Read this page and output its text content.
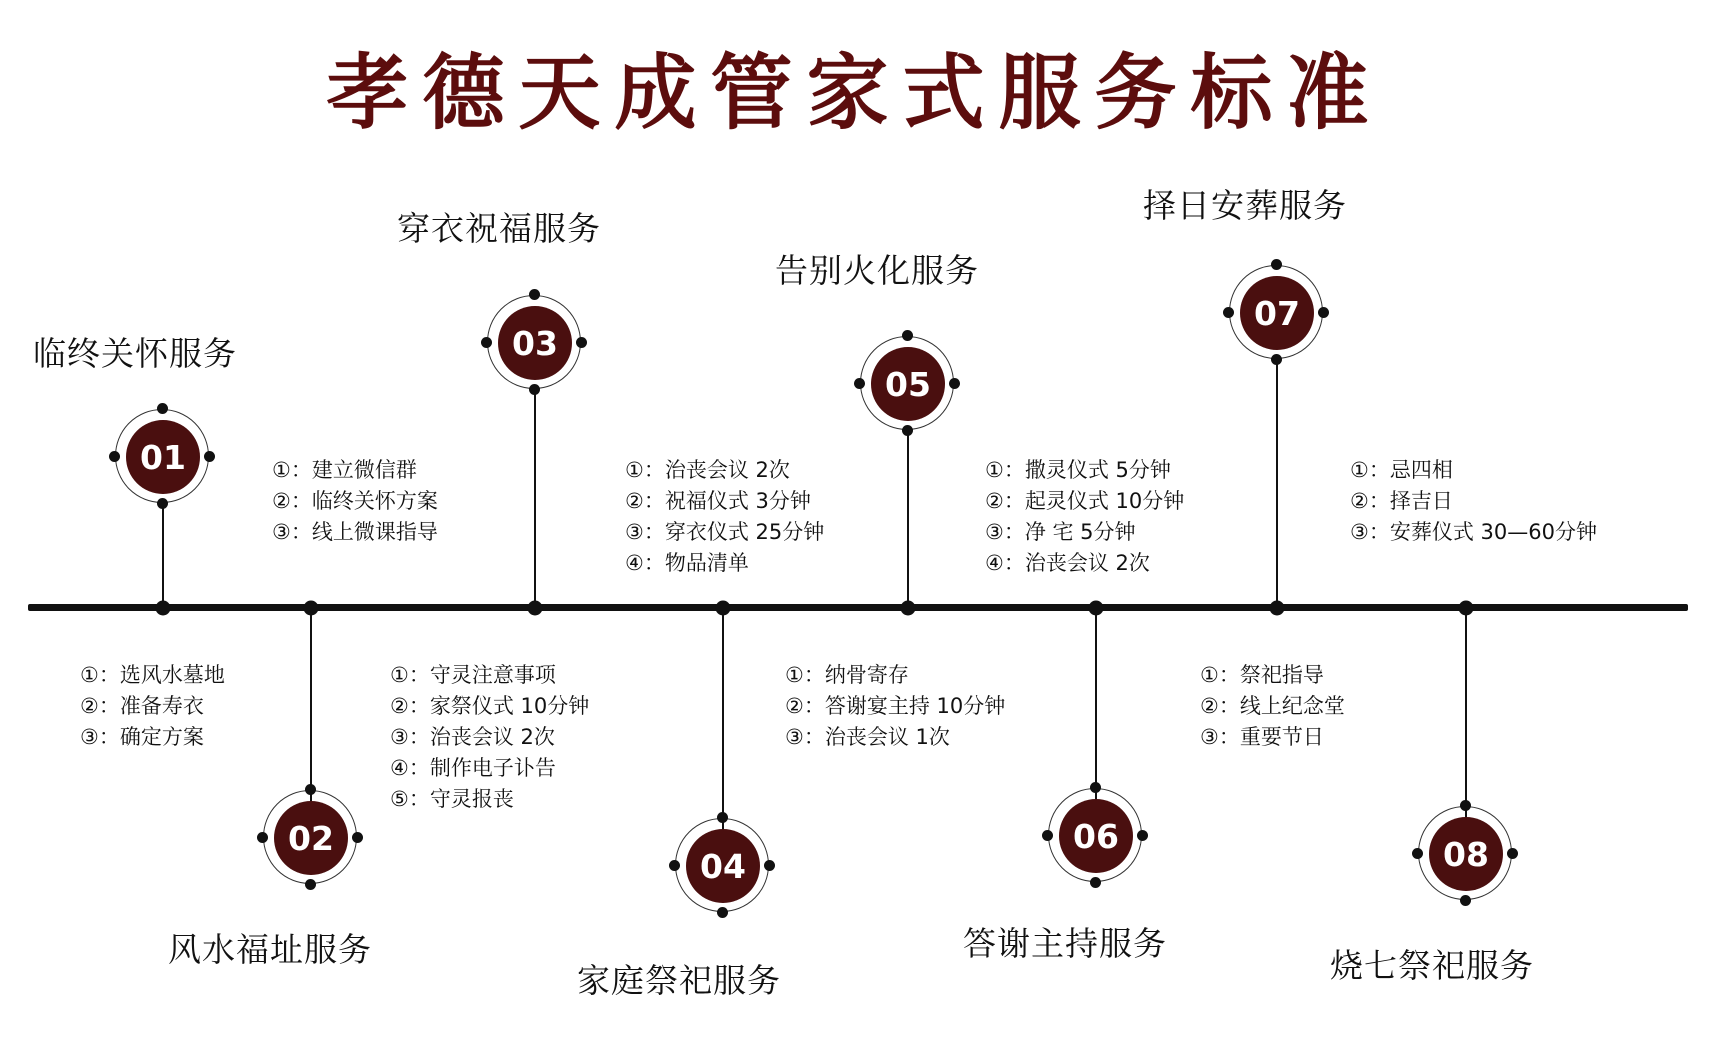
孝德天成管家式服务标准
01
02
03
04
05
06
07
08
临终关怀服务
风水福址服务
穿衣祝福服务
家庭祭祀服务
告别火化服务
答谢主持服务
择日安葬服务
烧七祭祀服务
①：建立微信群
②：临终关怀方案
③：线上微课指导
①：选风水墓地
②：准备寿衣
③：确定方案
①：治丧会议 2次
②：祝福仪式 3分钟
③：穿衣仪式 25分钟
④：物品清单
①：守灵注意事项
②：家祭仪式 10分钟
③：治丧会议 2次
④：制作电子讣告
⑤：守灵报丧
①：撒灵仪式 5分钟
②：起灵仪式 10分钟
③：净 宅 5分钟
④：治丧会议 2次
①：纳骨寄存
②：答谢宴主持 10分钟
③：治丧会议 1次
①：忌四相
②：择吉日
③：安葬仪式 30—60分钟
①：祭祀指导
②：线上纪念堂
③：重要节日
